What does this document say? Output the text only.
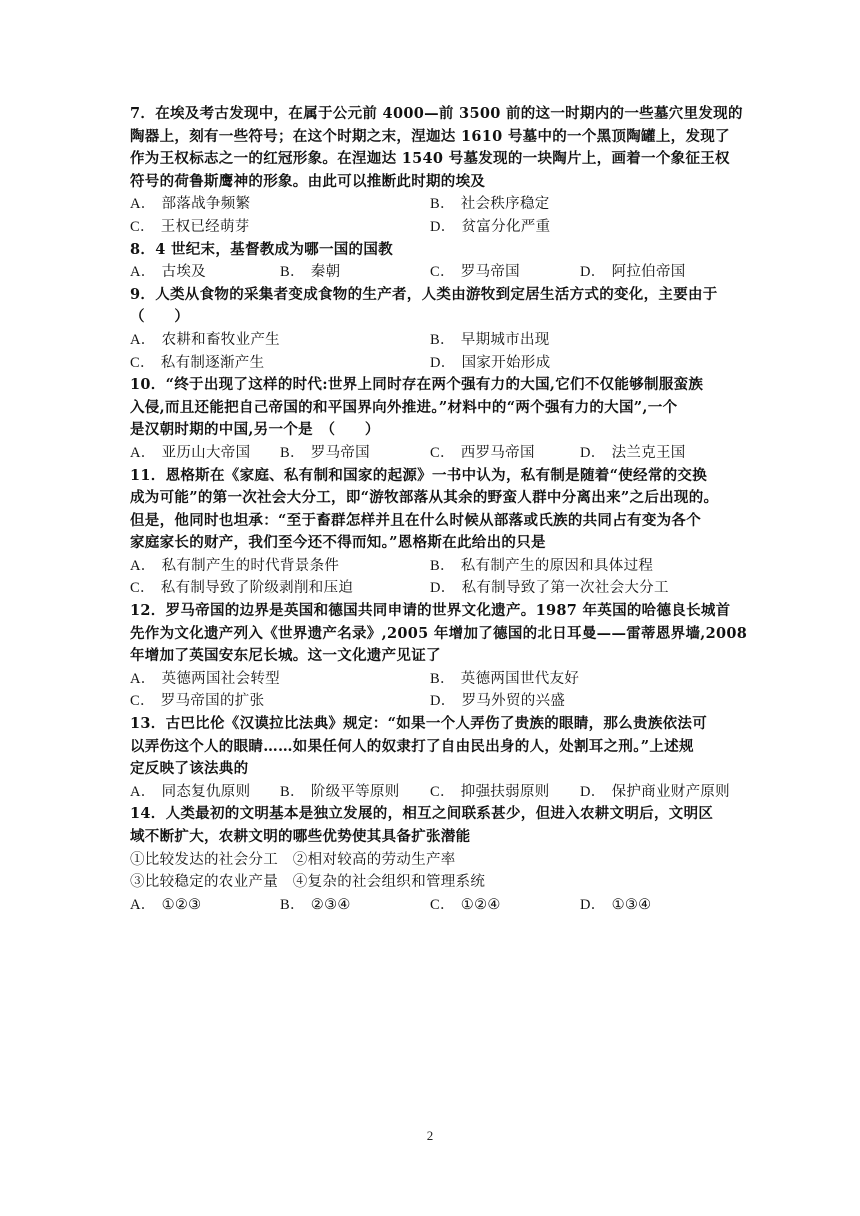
7．在埃及考古发现中，在属于公元前 4000—前 3500 前的这一时期内的一些墓穴里发现的
陶器上，刻有一些符号；在这个时期之末，涅迦达 1610 号墓中的一个黑顶陶罐上，发现了
作为王权标志之一的红冠形象。在涅迦达 1540 号墓发现的一块陶片上，画着一个象征王权
符号的荷鲁斯鹰神的形象。由此可以推断此时期的埃及
A． 部落战争频繁	B． 社会秩序稳定
C． 王权已经萌芽	D． 贫富分化严重
8．4 世纪末，基督教成为哪一国的国教
A． 古埃及	B． 秦朝	C． 罗马帝国	D． 阿拉伯帝国
9．人类从食物的采集者变成食物的生产者，人类由游牧到定居生活方式的变化，主要由于
（　　）
A． 农耕和畜牧业产生	B． 早期城市出现
C． 私有制逐渐产生	D． 国家开始形成
10．“终于出现了这样的时代:世界上同时存在两个强有力的大国,它们不仅能够制服蛮族
入侵,而且还能把自己帝国的和平国界向外推进。”材料中的“两个强有力的大国”,一个
是汉朝时期的中国,另一个是　（　　）
A． 亚历山大帝国 B． 罗马帝国	C． 西罗马帝国	D． 法兰克王国
11．恩格斯在《家庭、私有制和国家的起源》一书中认为，私有制是随着“使经常的交换
成为可能”的第一次社会大分工，即“游牧部落从其余的野蛮人群中分离出来”之后出现的。
但是，他同时也坦承：“至于畜群怎样并且在什么时候从部落或氏族的共同占有变为各个
家庭家长的财产，我们至今还不得而知。”恩格斯在此给出的只是
A． 私有制产生的时代背景条件	B． 私有制产生的原因和具体过程
C． 私有制导致了阶级剥削和压迫	D． 私有制导致了第一次社会大分工
12．罗马帝国的边界是英国和德国共同申请的世界文化遗产。1987 年英国的哈德良长城首
先作为文化遗产列入《世界遗产名录》,2005 年增加了德国的北日耳曼——雷蒂恩界墙,2008
年增加了英国安东尼长城。这一文化遗产见证了
A． 英德两国社会转型	B． 英德两国世代友好
C． 罗马帝国的扩张	D． 罗马外贸的兴盛
13．古巴比伦《汉谟拉比法典》规定：“如果一个人弄伤了贵族的眼睛，那么贵族依法可
以弄伤这个人的眼睛……如果任何人的奴隶打了自由民出身的人，处割耳之刑。”上述规
定反映了该法典的
A． 同态复仇原则 B． 阶级平等原则 C． 抑强扶弱原则 D． 保护商业财产原则
14．人类最初的文明基本是独立发展的，相互之间联系甚少，但进入农耕文明后，文明区
域不断扩大，农耕文明的哪些优势使其具备扩张潜能
①比较发达的社会分工　②相对较高的劳动生产率
③比较稳定的农业产量　④复杂的社会组织和管理系统
A． ①②③	B． ②③④	C． ①②④	D． ①③④
2
